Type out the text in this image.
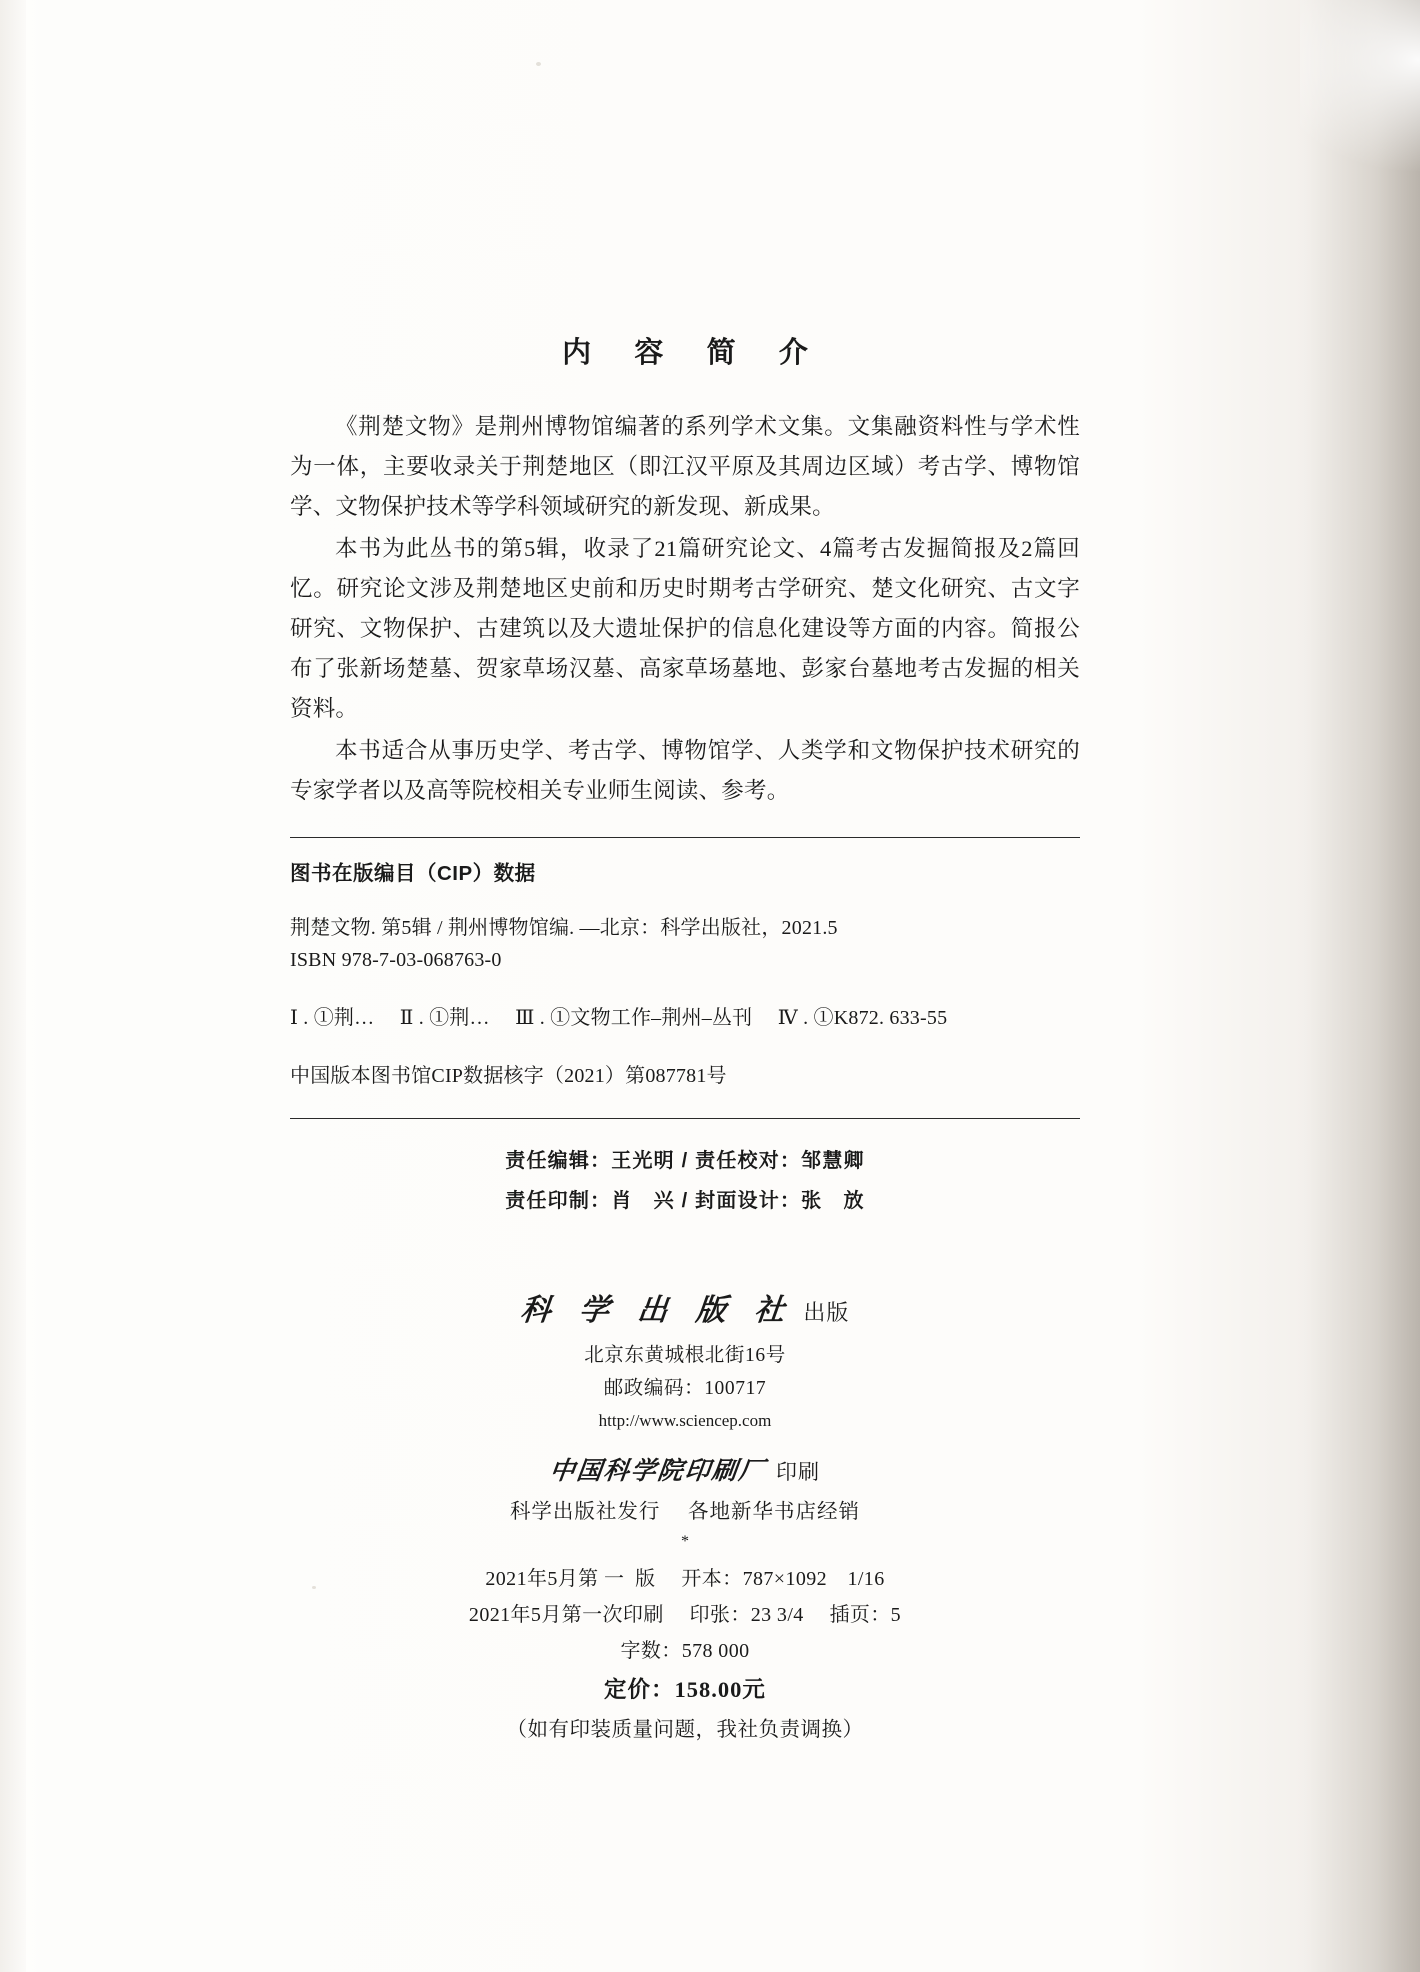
内 容 简 介

《荆楚文物》是荆州博物馆编著的系列学术文集。文集融资料性与学术性为一体，主要收录关于荆楚地区（即江汉平原及其周边区域）考古学、博物馆学、文物保护技术等学科领域研究的新发现、新成果。

本书为此丛书的第5辑，收录了21篇研究论文、4篇考古发掘简报及2篇回忆。研究论文涉及荆楚地区史前和历史时期考古学研究、楚文化研究、古文字研究、文物保护、古建筑以及大遗址保护的信息化建设等方面的内容。简报公布了张新场楚墓、贺家草场汉墓、高家草场墓地、彭家台墓地考古发掘的相关资料。

本书适合从事历史学、考古学、博物馆学、人类学和文物保护技术研究的专家学者以及高等院校相关专业师生阅读、参考。

图书在版编目（CIP）数据

荆楚文物. 第5辑 / 荆州博物馆编. —北京：科学出版社，2021.5

ISBN 978-7-03-068763-0

Ⅰ . ①荆…　 Ⅱ . ①荆…　 Ⅲ . ①文物工作–荆州–丛刊　 Ⅳ . ①K872. 633-55

中国版本图书馆CIP数据核字（2021）第087781号

责任编辑：王光明 / 责任校对：邹慧卿
责任印制：肖　兴 / 封面设计：张　放
科 学 出 版 社 出版
北京东黄城根北街16号
邮政编码：100717
http://www.sciencep.com
中国科学院印刷厂 印刷
科学出版社发行　 各地新华书店经销
*
2021年5月第 一  版　 开本：787×1092　1/16
2021年5月第一次印刷　 印张：23 3/4　 插页：5
字数：578 000
定价：158.00元
（如有印装质量问题，我社负责调换）
